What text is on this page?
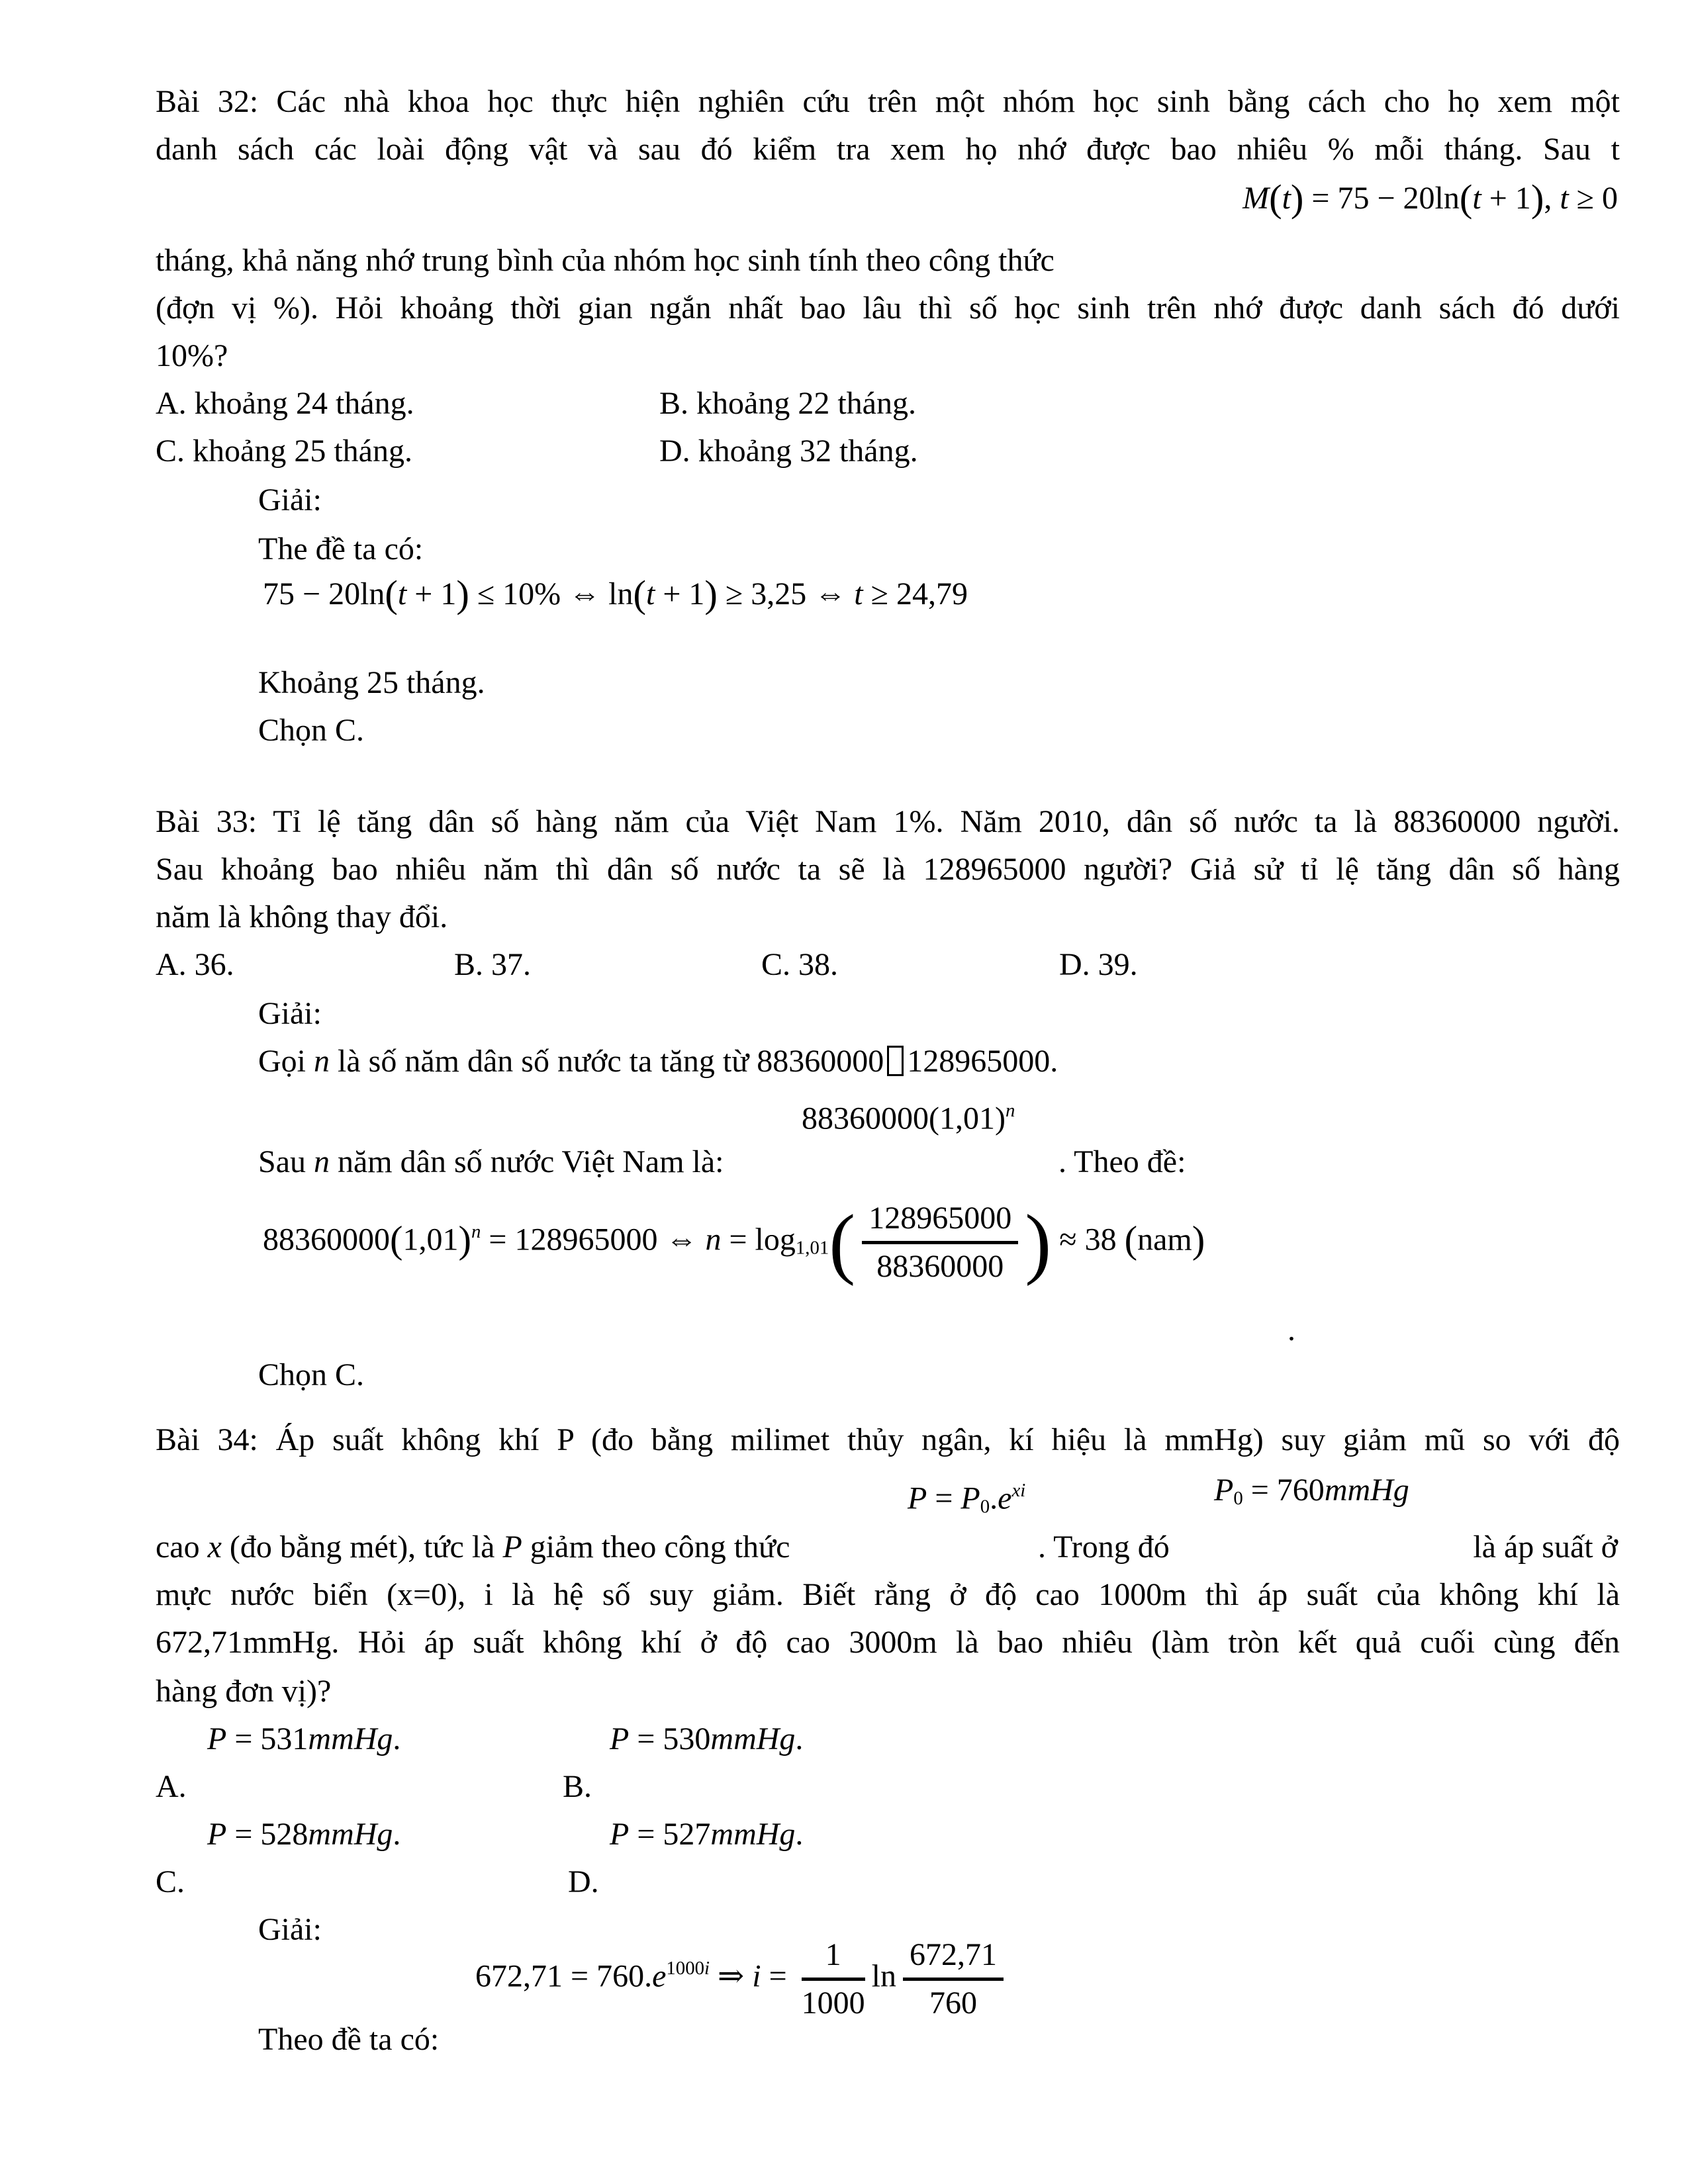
Bài 32: Các nhà khoa học thực hiện nghiên cứu trên một nhóm học sinh bằng cách cho họ xem một
danh sách các loài động vật và sau đó kiểm tra xem họ nhớ được bao nhiêu % mỗi tháng. Sau t
M(t) = 75 − 20ln(t + 1), t ≥ 0
tháng, khả năng nhớ trung bình của nhóm học sinh tính theo công thức
(đợn vị %). Hỏi khoảng thời gian ngắn nhất bao lâu thì số học sinh trên nhớ được danh sách đó dưới
10%?
A. khoảng 24 tháng.	B. khoảng 22 tháng.
C. khoảng 25 tháng.	D. khoảng 32 tháng.
Giải:
The đề ta có:
75 − 20ln(t + 1) ≤ 10% ⇔ ln(t + 1) ≥ 3,25 ⇔ t ≥ 24,79
Khoảng 25 tháng.
Chọn C.
Bài 33: Tỉ lệ tăng dân số hàng năm của Việt Nam 1%. Năm 2010, dân số nước ta là 88360000 người.
Sau khoảng bao nhiêu năm thì dân số nước ta sẽ là 128965000 người? Giả sử tỉ lệ tăng dân số hàng
năm là không thay đổi.
A. 36.	B. 37.	C. 38.	D. 39.
Giải:
Gọi n là số năm dân số nước ta tăng từ 88360000 128965000.
$88360000(1,01)^n$
Sau n năm dân số nước Việt Nam là:	. Theo đề:
$88360000(1,01)^n = 128965000$ ⇔ $n = \log 1,01( \frac{128965000}{88360000}$ ) ≈ 38 (nam)
.
Chọn C.
Bài 34: Áp suất không khí P (đo bằng milimet thủy ngân, kí hiệu là mmHg) suy giảm mũ so với độ
$P = P0.e^{xi}$	P0 = 760mmHg
cao x (đo bằng mét), tức là P giảm theo công thức	. Trong đó	là áp suất ở
mực nước biển (x=0), i là hệ số suy giảm. Biết rằng ở độ cao 1000m thì áp suất của không khí là
672,71mmHg. Hỏi áp suất không khí ở độ cao 3000m là bao nhiêu (làm tròn kết quả cuối cùng đến
hàng đơn vị)?
P = 531mmHg.	P = 530mmHg.
A.	B.
P = 528mmHg.	P = 527mmHg.
C.	D.
Giải:
$672,71 = 760.e^{1000i}$ ⇒ $i = \frac{1}{1000}$ $\ln \frac{672,71}{760}$
Theo đề ta có:
